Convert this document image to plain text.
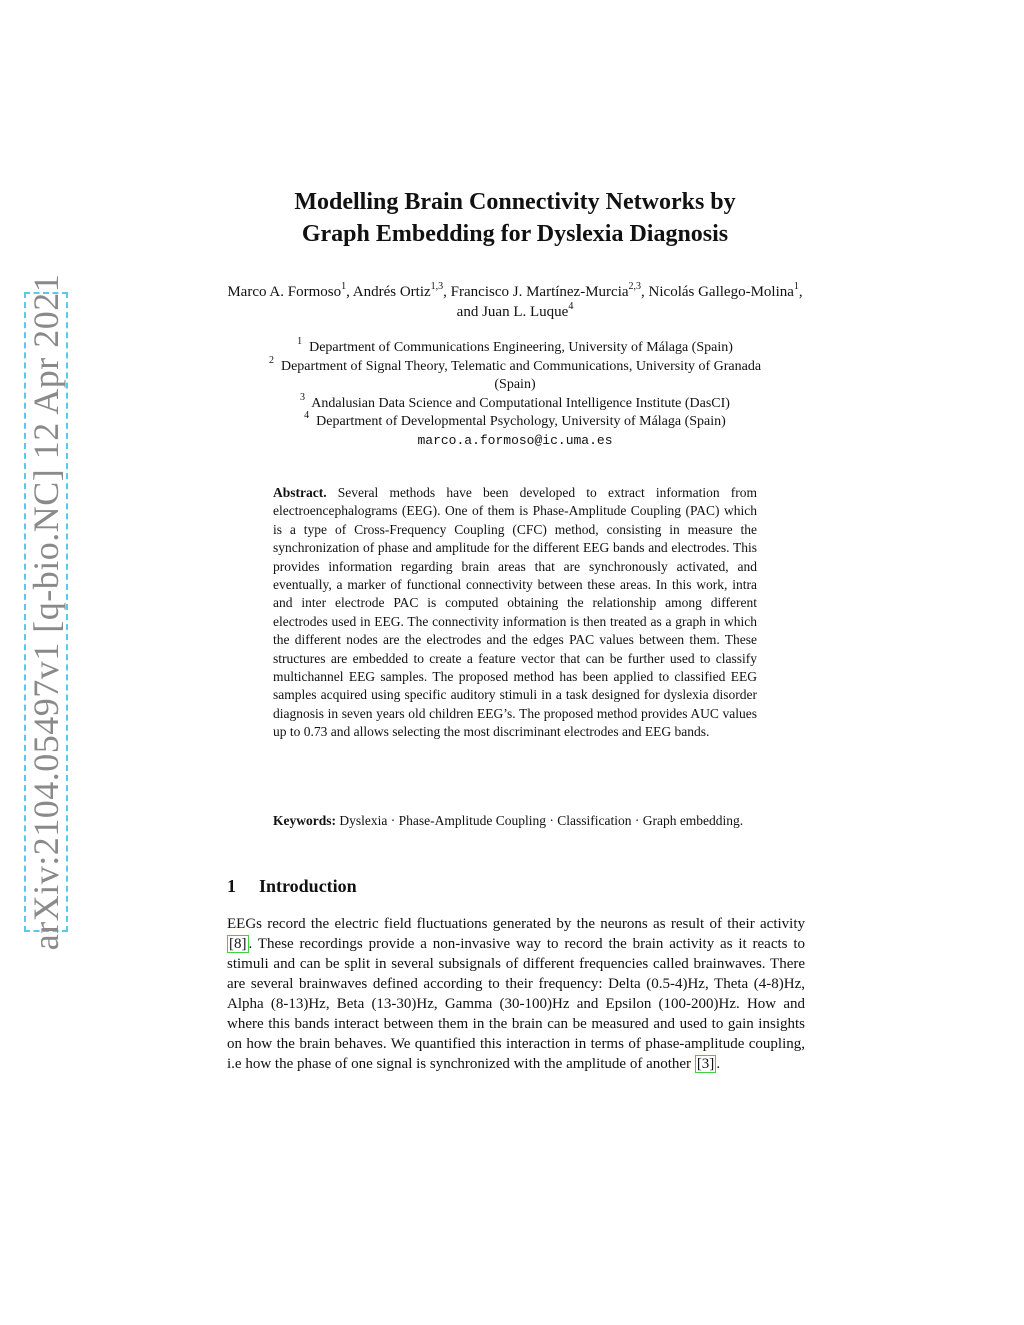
arXiv:2104.05497v1 [q-bio.NC] 12 Apr 2021
Modelling Brain Connectivity Networks by
Graph Embedding for Dyslexia Diagnosis
Marco A. Formoso$^1$, Andrés Ortiz$^{1,3}$, Francisco J. Martínez-Murcia$^{2,3}$, Nicolás Gallego-Molina$^1$, and Juan L. Luque$^4$
$^1$ Department of Communications Engineering, University of Málaga (Spain)
$^2$ Department of Signal Theory, Telematic and Communications, University of Granada (Spain)
$^3$ Andalusian Data Science and Computational Intelligence Institute (DasCI)
$^4$ Department of Developmental Psychology, University of Málaga (Spain)
marco.a.formoso@ic.uma.es
Abstract. Several methods have been developed to extract information from electroencephalograms (EEG). One of them is Phase-Amplitude Coupling (PAC) which is a type of Cross-Frequency Coupling (CFC) method, consisting in measure the synchronization of phase and amplitude for the different EEG bands and electrodes. This provides information regarding brain areas that are synchronously activated, and eventually, a marker of functional connectivity between these areas. In this work, intra and inter electrode PAC is computed obtaining the relationship among different electrodes used in EEG. The connectivity information is then treated as a graph in which the different nodes are the electrodes and the edges PAC values between them. These structures are embedded to create a feature vector that can be further used to classify multichannel EEG samples. The proposed method has been applied to classified EEG samples acquired using specific auditory stimuli in a task designed for dyslexia disorder diagnosis in seven years old children EEG’s. The proposed method provides AUC values up to 0.73 and allows selecting the most discriminant electrodes and EEG bands.
Keywords: Dyslexia · Phase-Amplitude Coupling · Classification · Graph embedding.
1 Introduction
EEGs record the electric field fluctuations generated by the neurons as result of their activity [8] . These recordings provide a non-invasive way to record the brain activity as it reacts to stimuli and can be split in several subsignals of different frequencies called brainwaves. There are several brainwaves defined according to their frequency: Delta (0.5-4)Hz, Theta (4-8)Hz, Alpha (8-13)Hz, Beta (13-30)Hz, Gamma (30-100)Hz and Epsilon (100-200)Hz. How and where this bands interact between them in the brain can be measured and used to gain insights on how the brain behaves. We quantified this interaction in terms of phase-amplitude coupling, i.e how the phase of one signal is synchronized with the amplitude of another [3] .
